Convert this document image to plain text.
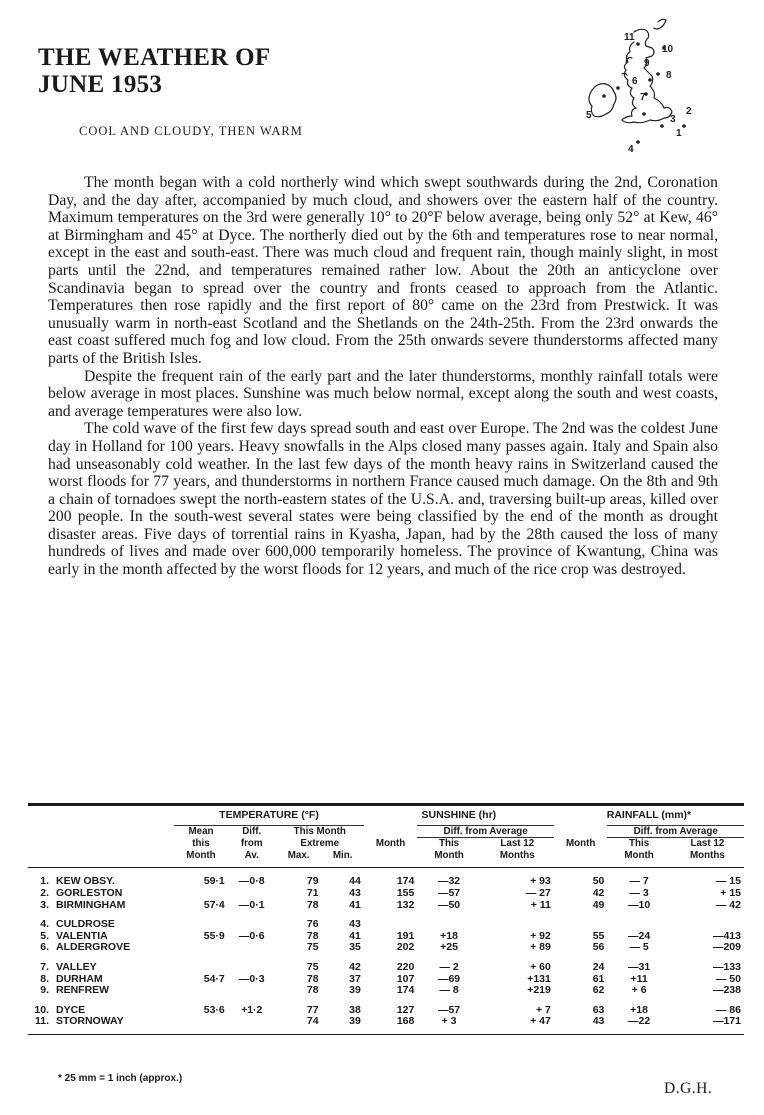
THE WEATHER OF
JUNE 1953
COOL AND CLOUDY, THEN WARM
11
10
9
8
6
7
5	3
2
1
4

The month began with a cold northerly wind which swept southwards during the 2nd, Coronation Day, and the day after, accompanied by much cloud, and showers over the eastern half of the country. Maximum temperatures on the 3rd were generally 10° to 20°F below average, being only 52° at Kew, 46° at Birmingham and 45° at Dyce. The northerly died out by the 6th and temperatures rose to near normal, except in the east and south-east. There was much cloud and frequent rain, though mainly slight, in most parts until the 22nd, and temperatures remained rather low. About the 20th an anticyclone over Scandinavia began to spread over the country and fronts ceased to approach from the Atlantic. Temperatures then rose rapidly and the first report of 80° came on the 23rd from Prestwick. It was unusually warm in north-east Scotland and the Shetlands on the 24th-25th. From the 23rd onwards the east coast suffered much fog and low cloud. From the 25th onwards severe thunderstorms affected many parts of the British Isles.

Despite the frequent rain of the early part and the later thunderstorms, monthly rainfall totals were below average in most places. Sunshine was much below normal, except along the south and west coasts, and average temperatures were also low.

The cold wave of the first few days spread south and east over Europe. The 2nd was the coldest June day in Holland for 100 years. Heavy snowfalls in the Alps closed many passes again. Italy and Spain also had unseasonably cold weather. In the last few days of the month heavy rains in Switzerland caused the worst floods for 77 years, and thunderstorms in northern France caused much damage. On the 8th and 9th a chain of tornadoes swept the north-eastern states of the U.S.A. and, traversing built-up areas, killed over 200 people. In the south-west several states were being classified by the end of the month as drought disaster areas. Five days of torrential rains in Kyasha, Japan, had by the 28th caused the loss of many hundreds of lives and made over 600,000 temporarily homeless. The province of Kwantung, China was early in the month affected by the worst floods for 12 years, and much of the rice crop was destroyed.

		TEMPERATURE (°F)				SUNSHINE (hr)			RAINFALL (mm)*		
		Mean	Diff.	This Month			Diff. from Average			Diff. from Average	
		this	from	Extreme		Month	This	Last 12	Month	This	Last 12
		Month	Av.	Max.	Min.		Month	Months		Month	Months
1.	KEW OBSY.	59·1	—0·8	79	44	174	—32	+ 93	50	— 7	— 15
2.	GORLESTON			71	43	155	—57	— 27	42	— 3	+ 15
3.	BIRMINGHAM	57·4	—0·1	78	41	132	—50	+ 11	49	—10	— 42
4.	CULDROSE			76	43						
5.	VALENTIA	55·9	—0·6	78	41	191	+18	+ 92	55	—24	—413
6.	ALDERGROVE			75	35	202	+25	+ 89	56	— 5	—209
7.	VALLEY			75	42	220	— 2	+ 60	24	—31	—133
8.	DURHAM	54·7	—0·3	78	37	107	—69	+131	61	+11	— 50
9.	RENFREW			78	39	174	— 8	+219	62	+ 6	—238
10.	DYCE	53·6	+1·2	77	38	127	—57	+ 7	63	+18	— 86
11.	STORNOWAY			74	39	168	+ 3	+ 47	43	—22	—171
* 25 mm = 1 inch (approx.)
D.G.H.
